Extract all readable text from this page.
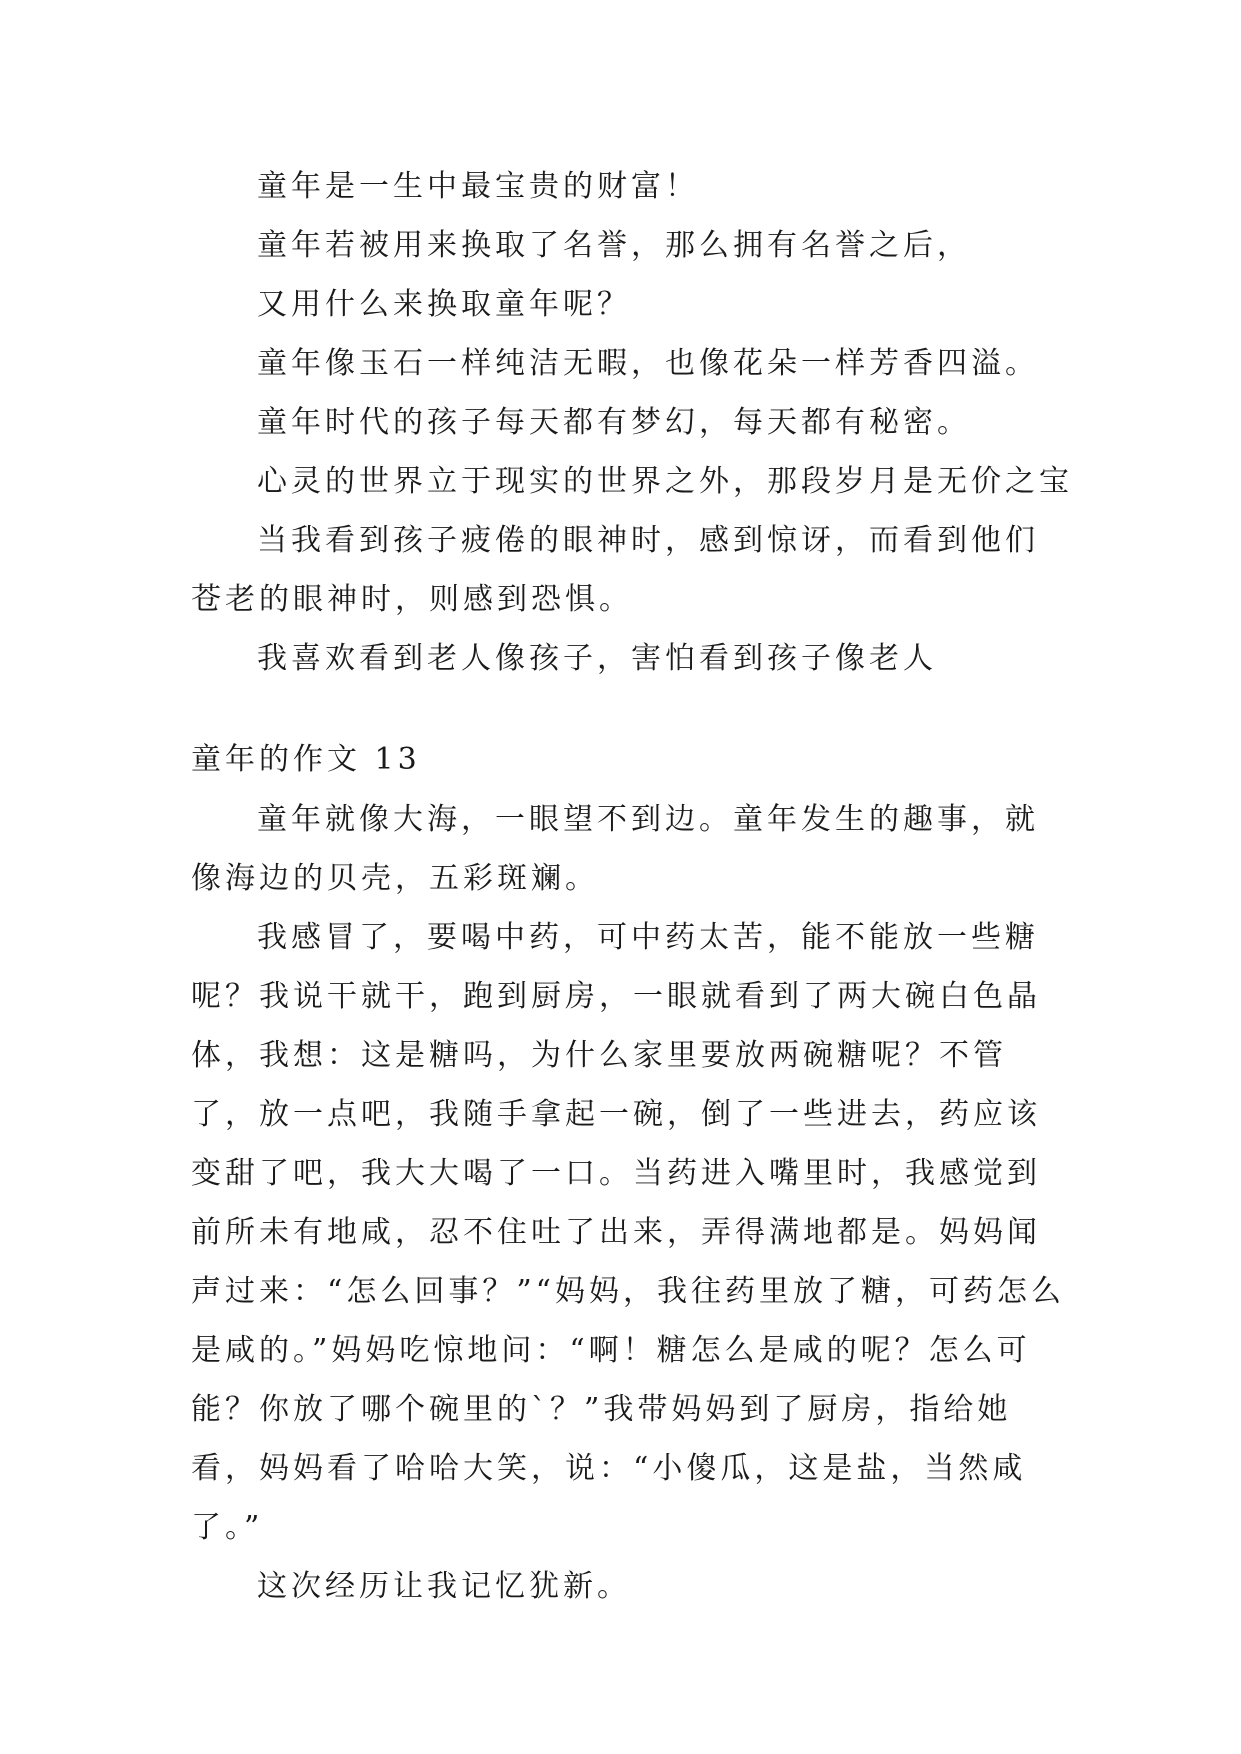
童年是一生中最宝贵的财富！

童年若被用来换取了名誉，那么拥有名誉之后，

又用什么来换取童年呢？

童年像玉石一样纯洁无暇，也像花朵一样芳香四溢。

童年时代的孩子每天都有梦幻，每天都有秘密。

心灵的世界立于现实的世界之外，那段岁月是无价之宝

当我看到孩子疲倦的眼神时，感到惊讶，而看到他们苍老的眼神时，则感到恐惧。

我喜欢看到老人像孩子，害怕看到孩子像老人

童年的作文 13

童年就像大海，一眼望不到边。童年发生的趣事，就像海边的贝壳，五彩斑斓。

我感冒了，要喝中药，可中药太苦，能不能放一些糖呢？我说干就干，跑到厨房，一眼就看到了两大碗白色晶体，我想：这是糖吗，为什么家里要放两碗糖呢？不管了，放一点吧，我随手拿起一碗，倒了一些进去，药应该变甜了吧，我大大喝了一口。当药进入嘴里时，我感觉到前所未有地咸，忍不住吐了出来，弄得满地都是。妈妈闻声过来：“怎么回事？”“妈妈，我往药里放了糖，可药怎么是咸的。”妈妈吃惊地问：“啊！糖怎么是咸的呢？怎么可能？你放了哪个碗里的`？”我带妈妈到了厨房，指给她看，妈妈看了哈哈大笑，说：“小傻瓜，这是盐，当然咸了。”

这次经历让我记忆犹新。
